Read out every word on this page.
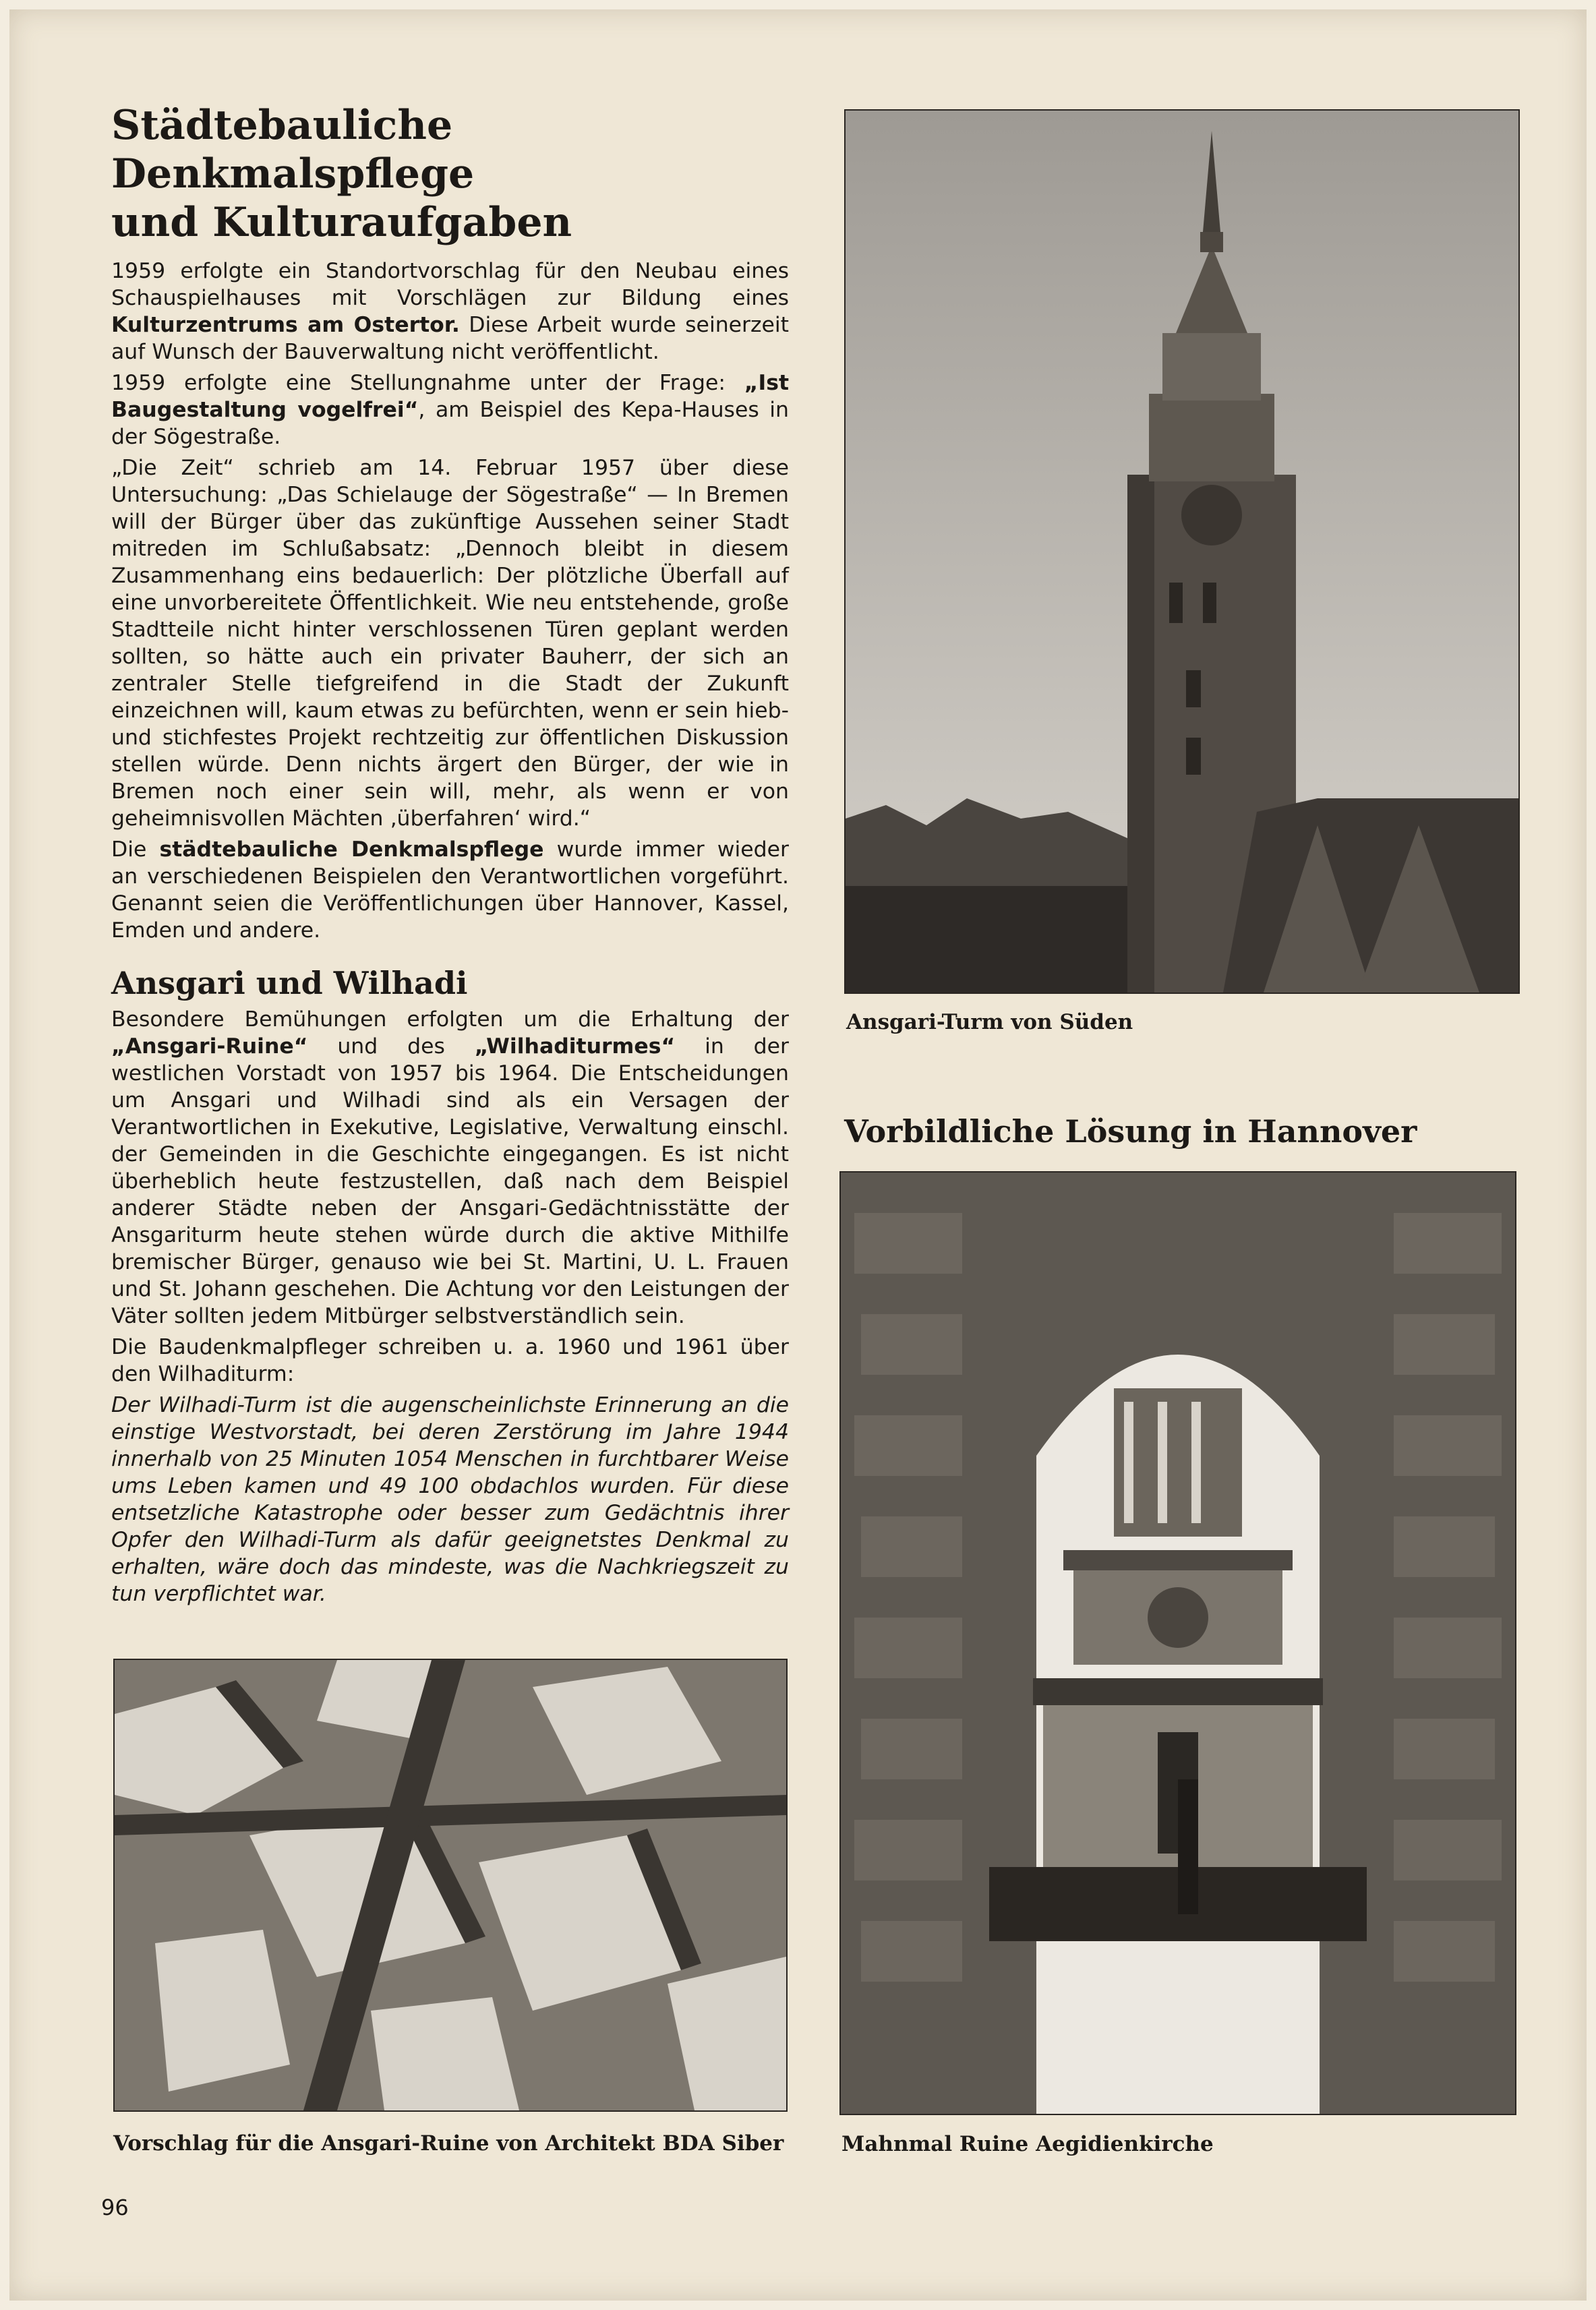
Städtebauliche
Denkmalspflege
und Kulturaufgaben

1959 erfolgte ein Standortvorschlag für den Neubau eines Schauspielhauses mit Vorschlägen zur Bildung eines Kulturzentrums am Ostertor. Diese Arbeit wurde seinerzeit auf Wunsch der Bauverwaltung nicht veröffentlicht.

1959 erfolgte eine Stellungnahme unter der Frage: „Ist Baugestaltung vogelfrei“, am Beispiel des Kepa-Hauses in der Sögestraße.

„Die Zeit“ schrieb am 14. Februar 1957 über diese Untersuchung: „Das Schielauge der Sögestraße“ — In Bremen will der Bürger über das zukünftige Aussehen seiner Stadt mitreden im Schlußabsatz: „Dennoch bleibt in diesem Zusammenhang eins bedauerlich: Der plötzliche Überfall auf eine unvorbereitete Öffentlichkeit. Wie neu entstehende, große Stadtteile nicht hinter verschlossenen Türen geplant werden sollten, so hätte auch ein privater Bauherr, der sich an zentraler Stelle tiefgreifend in die Stadt der Zukunft einzeichnen will, kaum etwas zu befürchten, wenn er sein hieb- und stichfestes Projekt rechtzeitig zur öffentlichen Diskussion stellen würde. Denn nichts ärgert den Bürger, der wie in Bremen noch einer sein will, mehr, als wenn er von geheimnisvollen Mächten ‚überfahren‘ wird.“

Die städtebauliche Denkmalspflege wurde immer wieder an verschiedenen Beispielen den Verantwortlichen vorgeführt. Genannt seien die Veröffentlichungen über Hannover, Kassel, Emden und andere.

Ansgari und Wilhadi

Besondere Bemühungen erfolgten um die Erhaltung der „Ansgari-Ruine“ und des „Wilhaditurmes“ in der westlichen Vorstadt von 1957 bis 1964. Die Entscheidungen um Ansgari und Wilhadi sind als ein Versagen der Verantwortlichen in Exekutive, Legislative, Verwaltung einschl. der Gemeinden in die Geschichte eingegangen. Es ist nicht überheblich heute festzustellen, daß nach dem Beispiel anderer Städte neben der Ansgari-Gedächtnisstätte der Ansgariturm heute stehen würde durch die aktive Mithilfe bremischer Bürger, genauso wie bei St. Martini, U. L. Frauen und St. Johann geschehen. Die Achtung vor den Leistungen der Väter sollten jedem Mitbürger selbstverständlich sein.

Die Baudenkmalpfleger schreiben u. a. 1960 und 1961 über den Wilhaditurm:

Der Wilhadi-Turm ist die augenscheinlichste Erinnerung an die einstige Westvorstadt, bei deren Zerstörung im Jahre 1944 innerhalb von 25 Minuten 1054 Menschen in furchtbarer Weise ums Leben kamen und 49 100 obdachlos wurden. Für diese entsetzliche Katastrophe oder besser zum Gedächtnis ihrer Opfer den Wilhadi-Turm als dafür geeignetstes Denkmal zu erhalten, wäre doch das mindeste, was die Nachkriegszeit zu tun verpflichtet war.

Ansgari-Turm von Süden
Vorbildliche Lösung in Hannover
Mahnmal Ruine Aegidienkirche
Vorschlag für die Ansgari-Ruine von Architekt BDA Siber
96
